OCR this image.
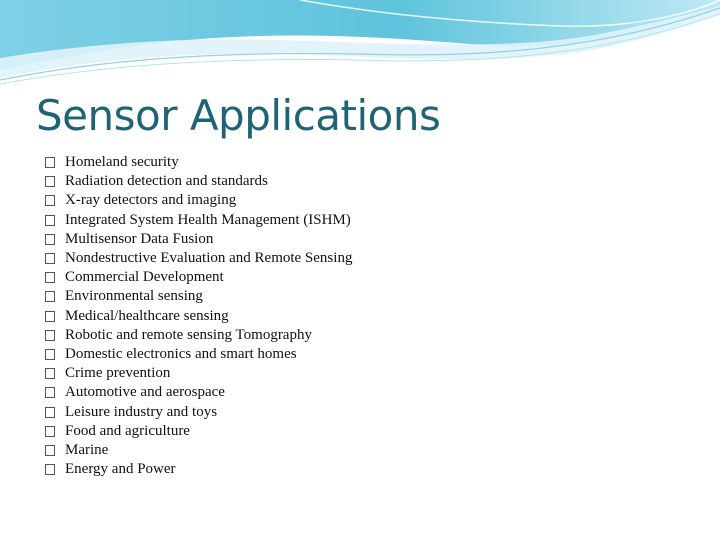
Sensor Applications
Homeland security
Radiation detection and standards
X-ray detectors and imaging
Integrated System Health Management (ISHM)
Multisensor Data Fusion
Nondestructive Evaluation and Remote Sensing
Commercial Development
Environmental sensing
Medical/healthcare sensing
Robotic and remote sensing Tomography
Domestic electronics and smart homes
Crime prevention
Automotive and aerospace
Leisure industry and toys
Food and agriculture
Marine
Energy and Power
